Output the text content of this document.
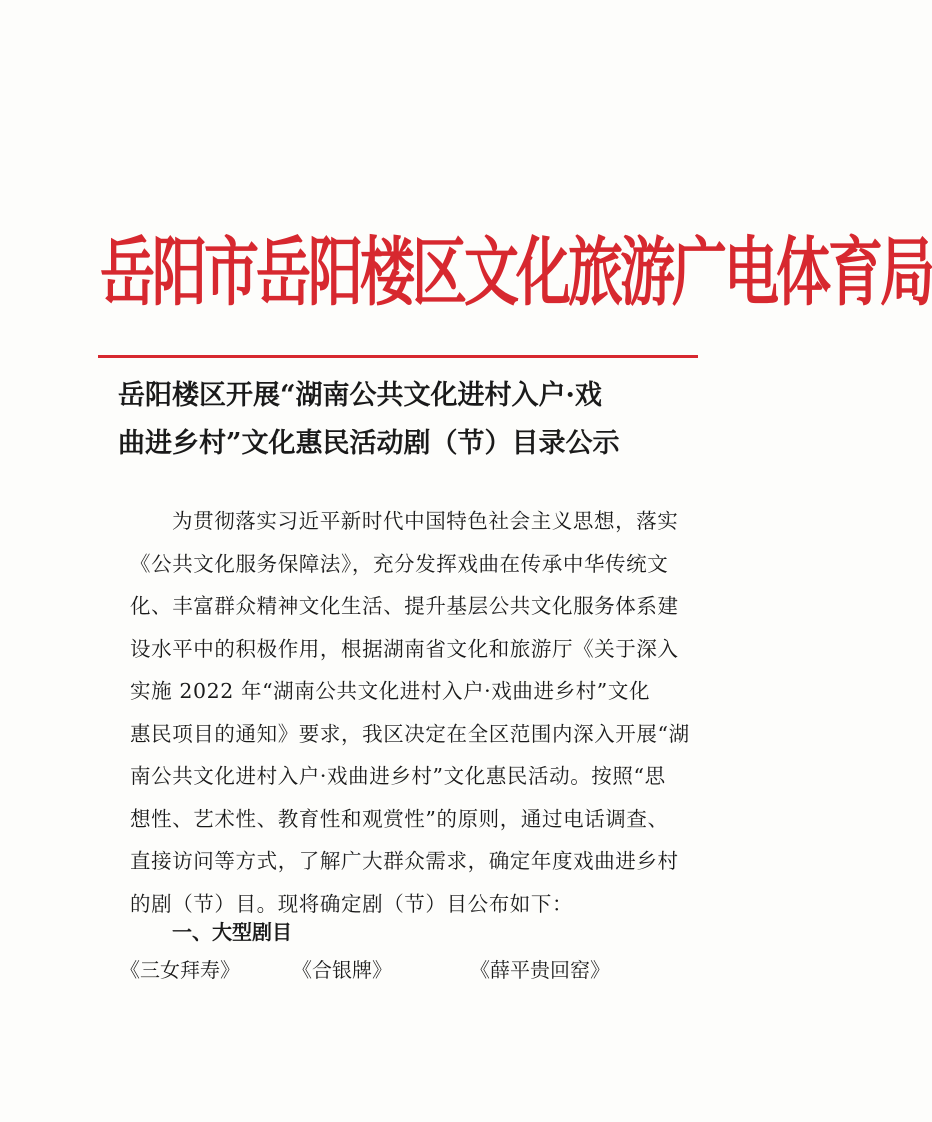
岳阳市岳阳楼区文化旅游广电体育局
岳阳楼区开展“湖南公共文化进村入户·戏
曲进乡村”文化惠民活动剧（节）目录公示

为贯彻落实习近平新时代中国特色社会主义思想，落实
《公共文化服务保障法》，充分发挥戏曲在传承中华传统文
化、丰富群众精神文化生活、提升基层公共文化服务体系建
设水平中的积极作用，根据湖南省文化和旅游厅《关于深入
实施 2022 年“湖南公共文化进村入户·戏曲进乡村”文化
惠民项目的通知》要求，我区决定在全区范围内深入开展“湖
南公共文化进村入户·戏曲进乡村”文化惠民活动。按照“思
想性、艺术性、教育性和观赏性”的原则，通过电话调查、
直接访问等方式，了解广大群众需求，确定年度戏曲进乡村
的剧（节）目。现将确定剧（节）目公布如下：

一、大型剧目
《三女拜寿》	《合银牌》	《薛平贵回窑》
